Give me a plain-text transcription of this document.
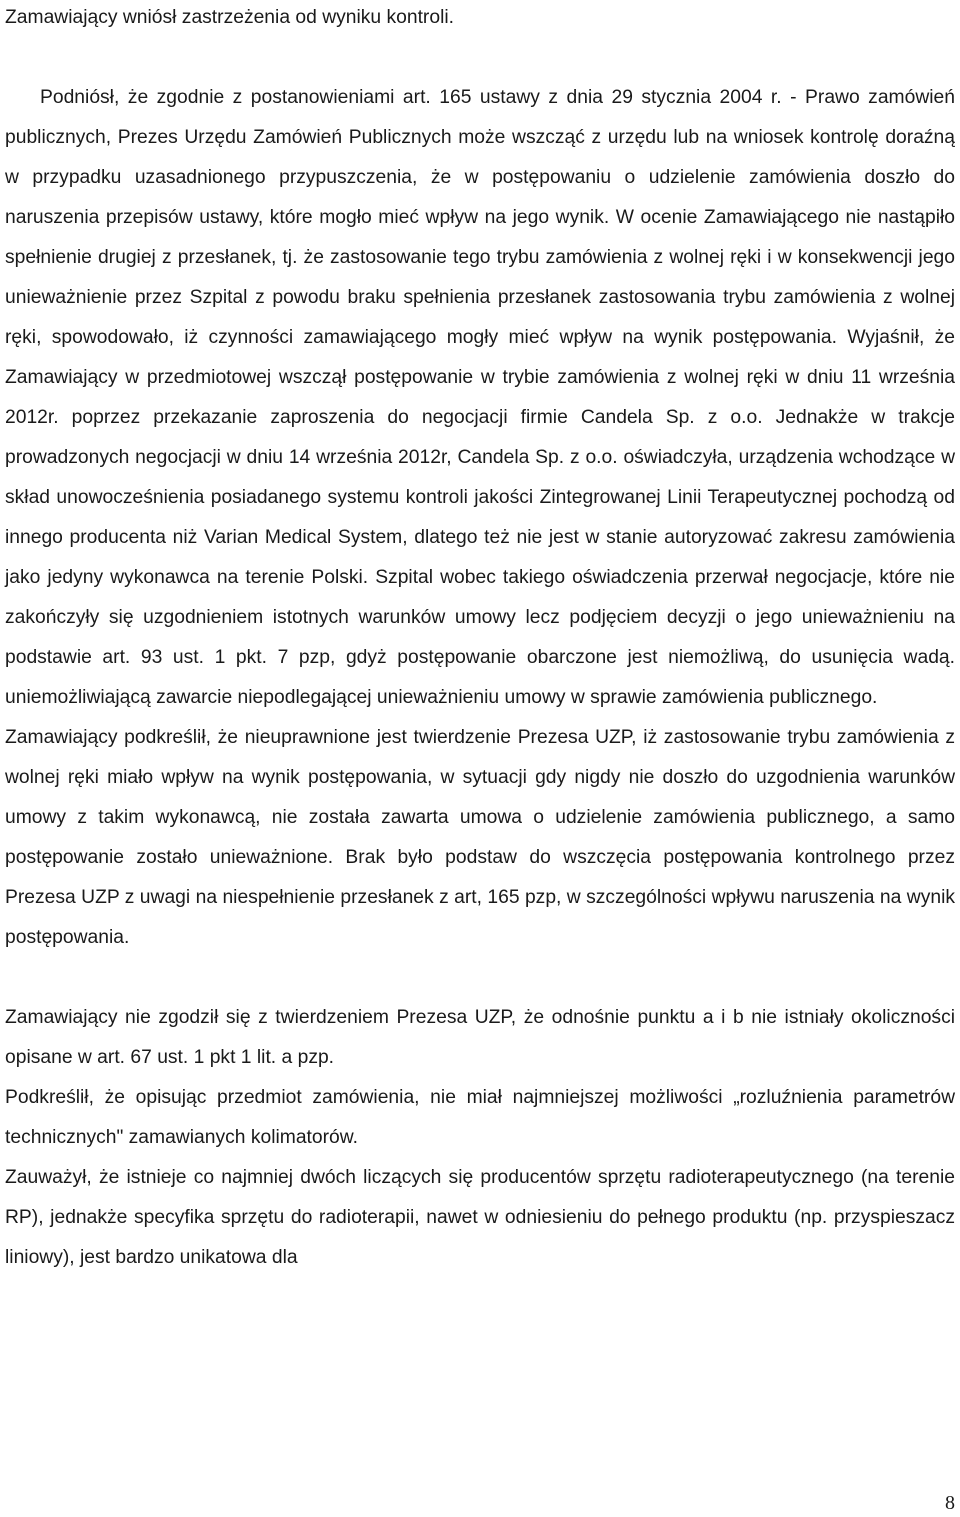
Zamawiający wniósł zastrzeżenia od wyniku kontroli.

Podniósł, że zgodnie z postanowieniami art. 165 ustawy z dnia 29 stycznia 2004 r. - Prawo zamówień publicznych, Prezes Urzędu Zamówień Publicznych może wszcząć z urzędu lub na wniosek kontrolę doraźną w przypadku uzasadnionego przypuszczenia, że w postępowaniu o udzielenie zamówienia doszło do naruszenia przepisów ustawy, które mogło mieć wpływ na jego wynik. W ocenie Zamawiającego nie nastąpiło spełnienie drugiej z przesłanek, tj. że zastosowanie tego trybu zamówienia z wolnej ręki i w konsekwencji jego unieważnienie przez Szpital z powodu braku spełnienia przesłanek zastosowania trybu zamówienia z wolnej ręki, spowodowało, iż czynności zamawiającego mogły mieć wpływ na wynik postępowania. Wyjaśnił, że Zamawiający w przedmiotowej wszczął postępowanie w trybie zamówienia z wolnej ręki w dniu 11 września 2012r. poprzez przekazanie zaproszenia do negocjacji firmie Candela Sp. z o.o. Jednakże w trakcje prowadzonych negocjacji w dniu 14 września 2012r, Candela Sp. z o.o. oświadczyła, urządzenia wchodzące w skład unowocześnienia posiadanego systemu kontroli jakości Zintegrowanej Linii Terapeutycznej pochodzą od innego producenta niż Varian Medical System, dlatego też nie jest w stanie autoryzować zakresu zamówienia jako jedyny wykonawca na terenie Polski. Szpital wobec takiego oświadczenia przerwał negocjacje, które nie zakończyły się uzgodnieniem istotnych warunków umowy lecz podjęciem decyzji o jego unieważnieniu na podstawie art. 93 ust. 1 pkt. 7 pzp, gdyż postępowanie obarczone jest niemożliwą, do usunięcia wadą. uniemożliwiającą zawarcie niepodlegającej unieważnieniu umowy w sprawie zamówienia publicznego.

Zamawiający podkreślił, że nieuprawnione jest twierdzenie Prezesa UZP, iż zastosowanie trybu zamówienia z wolnej ręki miało wpływ na wynik postępowania, w sytuacji gdy nigdy nie doszło do uzgodnienia warunków umowy z takim wykonawcą, nie została zawarta umowa o udzielenie zamówienia publicznego, a samo postępowanie zostało unieważnione. Brak było podstaw do wszczęcia postępowania kontrolnego przez Prezesa UZP z uwagi na niespełnienie przesłanek z art, 165 pzp, w szczególności wpływu naruszenia na wynik postępowania.

Zamawiający nie zgodził się z twierdzeniem Prezesa UZP, że odnośnie punktu a i b nie istniały okoliczności opisane w art. 67 ust. 1 pkt 1 lit. a pzp.

Podkreślił, że opisując przedmiot zamówienia, nie miał najmniejszej możliwości „rozluźnienia parametrów technicznych" zamawianych kolimatorów.

Zauważył, że istnieje co najmniej dwóch liczących się producentów sprzętu radioterapeutycznego (na terenie RP), jednakże specyfika sprzętu do radioterapii, nawet w odniesieniu do pełnego produktu (np. przyspieszacz liniowy), jest bardzo unikatowa dla

8
